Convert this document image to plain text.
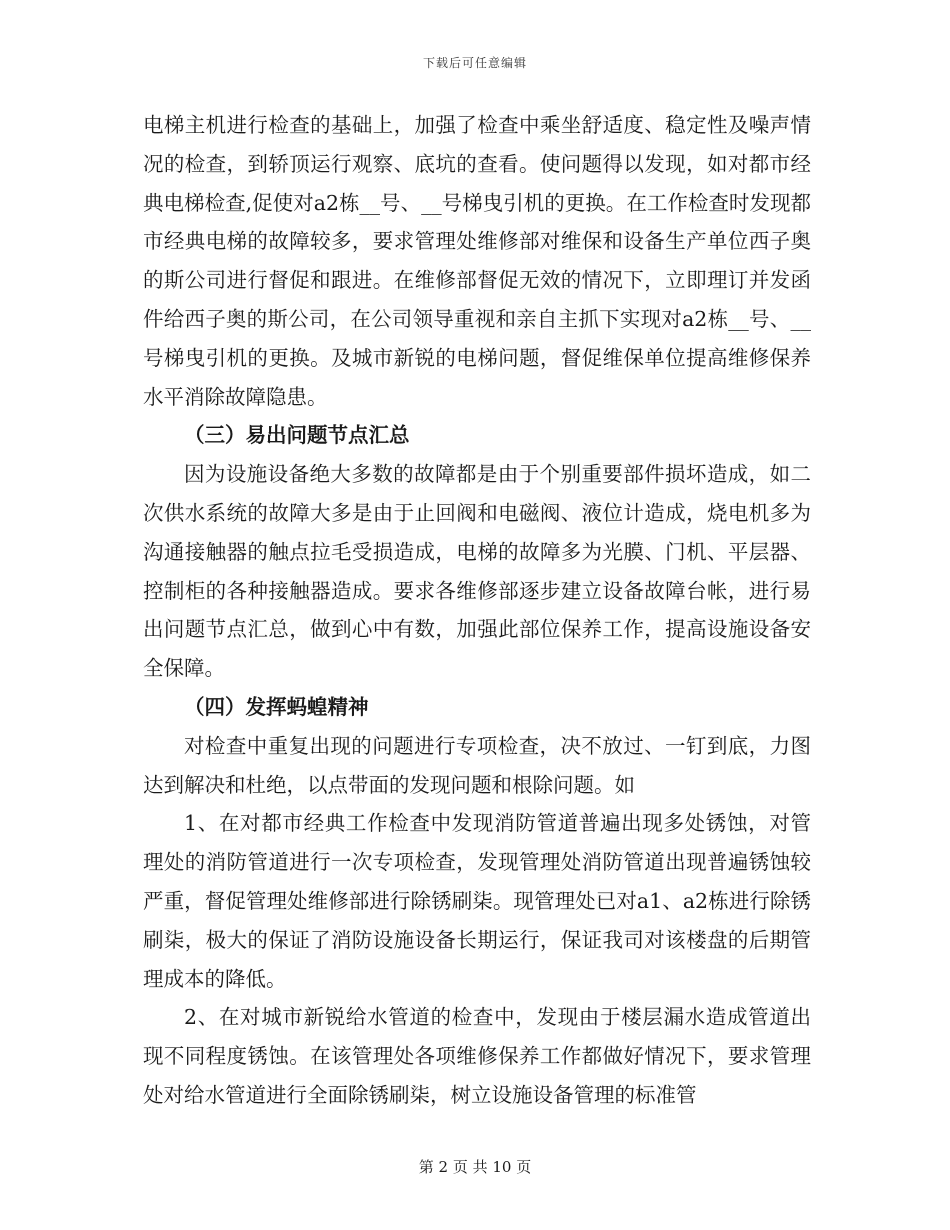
下载后可任意编辑

电梯主机进行检查的基础上，加强了检查中乘坐舒适度、稳定性及噪声情况的检查，到轿顶运行观察、底坑的查看。使问题得以发现，如对都市经典电梯检查,促使对a2栋__号、__号梯曳引机的更换。在工作检查时发现都市经典电梯的故障较多，要求管理处维修部对维保和设备生产单位西子奥的斯公司进行督促和跟进。在维修部督促无效的情况下，立即理订并发函件给西子奥的斯公司，在公司领导重视和亲自主抓下实现对a2栋__号、__号梯曳引机的更换。及城市新锐的电梯问题，督促维保单位提高维修保养水平消除故障隐患。

（三）易出问题节点汇总

因为设施设备绝大多数的故障都是由于个别重要部件损坏造成，如二次供水系统的故障大多是由于止回阀和电磁阀、液位计造成，烧电机多为沟通接触器的触点拉毛受损造成，电梯的故障多为光膜、门机、平层器、控制柜的各种接触器造成。要求各维修部逐步建立设备故障台帐，进行易出问题节点汇总，做到心中有数，加强此部位保养工作，提高设施设备安全保障。

（四）发挥蚂蝗精神

对检查中重复出现的问题进行专项检查，决不放过、一钉到底，力图达到解决和杜绝，以点带面的发现问题和根除问题。如

1、在对都市经典工作检查中发现消防管道普遍出现多处锈蚀，对管理处的消防管道进行一次专项检查，发现管理处消防管道出现普遍锈蚀较严重，督促管理处维修部进行除锈刷柒。现管理处已对a1、a2栋进行除锈刷柒，极大的保证了消防设施设备长期运行，保证我司对该楼盘的后期管理成本的降低。

2、在对城市新锐给水管道的检查中，发现由于楼层漏水造成管道出现不同程度锈蚀。在该管理处各项维修保养工作都做好情况下，要求管理处对给水管道进行全面除锈刷柒，树立设施设备管理的标准管

第 2 页 共 10 页
